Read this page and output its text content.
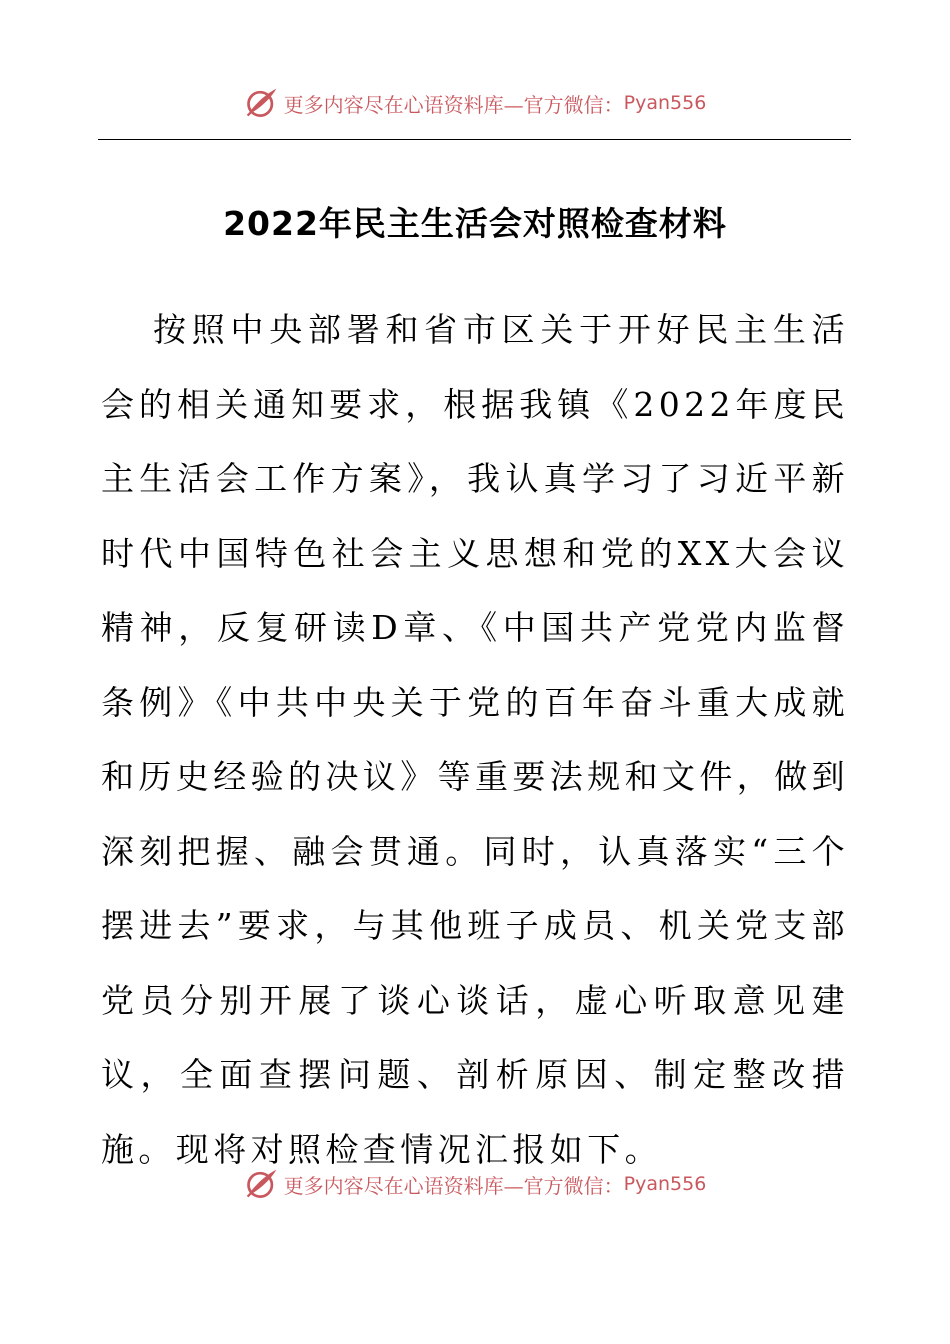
更多内容尽在心语资料库—官方微信： Pyan556
2022年民主生活会对照检查材料

按照中央部署和省市区关于开好民主生活会的相关通知要求，根据我镇《2022年度民主生活会工作方案》，我认真学习了习近平新时代中国特色社会主义思想和党的XX大会议精神，反复研读D章、《中国共产党党内监督条例》《中共中央关于党的百年奋斗重大成就和历史经验的决议》等重要法规和文件，做到深刻把握、融会贯通。同时，认真落实“三个摆进去”要求，与其他班子成员、机关党支部党员分别开展了谈心谈话，虚心听取意见建议，全面查摆问题、剖析原因、制定整改措施。现将对照检查情况汇报如下。

更多内容尽在心语资料库—官方微信： Pyan556
